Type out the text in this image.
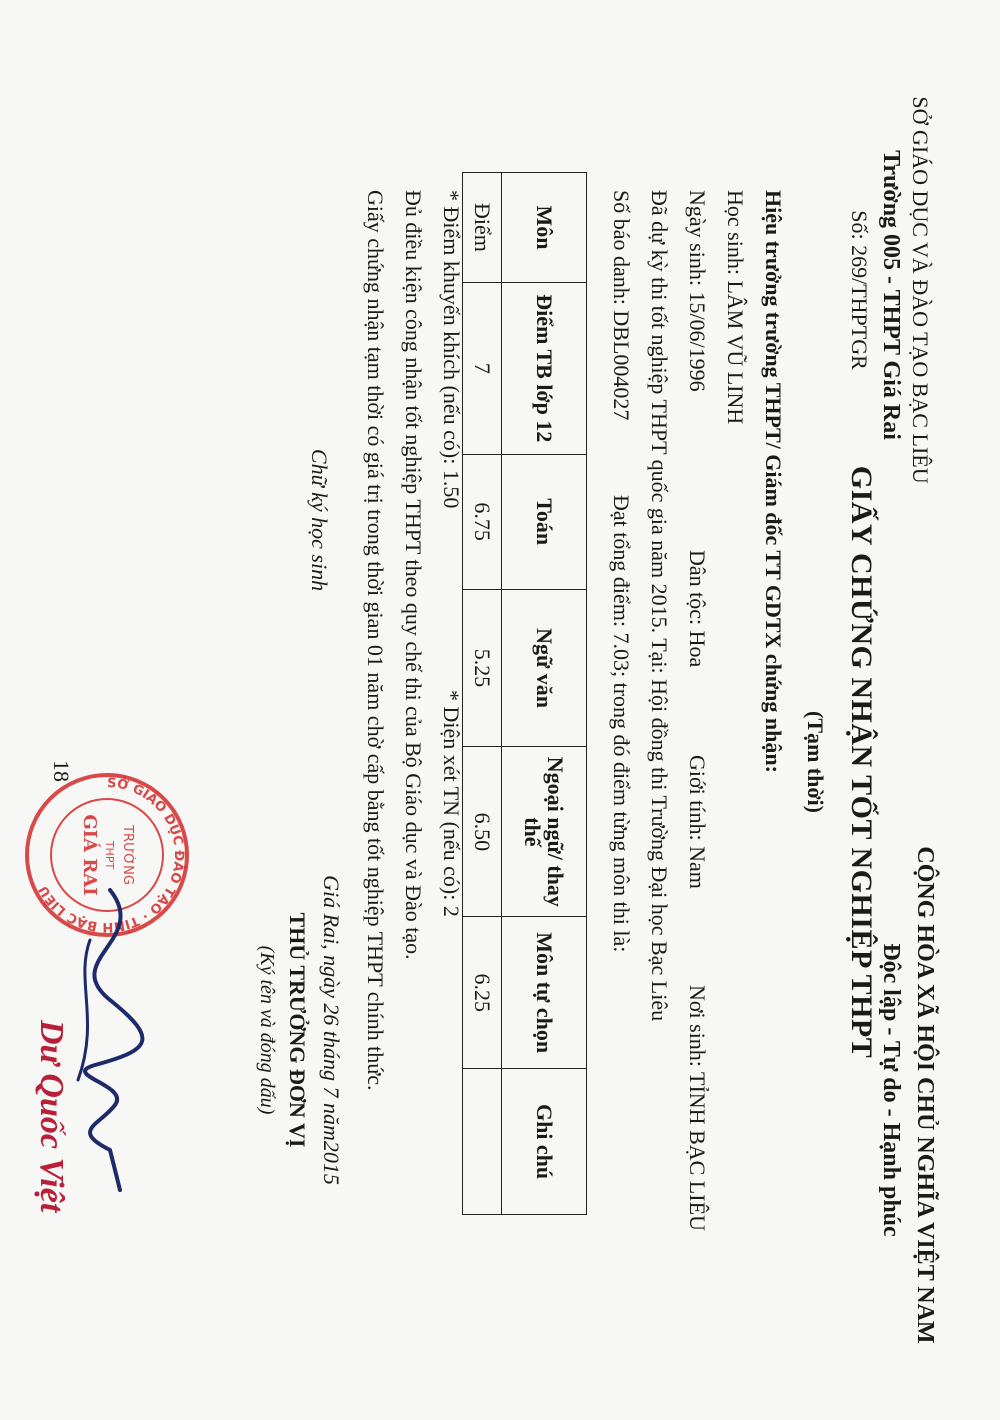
SỞ GIÁO DỤC VÀ ĐÀO TẠO BẠC LIÊU
Trường 005 - THPT Giá Rai
Số: 269/THPTGR
CỘNG HÒA XÃ HỘI CHỦ NGHĨA VIỆT NAM
Độc lập - Tự do - Hạnh phúc
GIẤY CHỨNG NHẬN TỐT NGHIỆP THPT
(Tạm thời)
Hiệu trưởng trường THPT/ Giám đốc TT GDTX chứng nhận:
Học sinh: LÂM VŨ LINH
Ngày sinh: 15/06/1996
Dân tộc: Hoa
Giới tính: Nam
Nơi sinh: TỈNH BẠC LIÊU
Đã dự kỳ thi tốt nghiệp THPT quốc gia năm 2015. Tại: Hội đồng thi Trường Đại học Bạc Liêu
Số báo danh: DBL004027
Đạt tổng điểm: 7.03; trong đó điểm từng môn thi là:
Môn	Điểm TB lớp 12	Toán	Ngữ văn	Ngoại ngữ/ thay thế	Môn tự chọn	Ghi chú
Điểm	7	6.75	5.25	6.50	6.25	
* Điểm khuyến khích (nếu có): 1.50
* Diện xét TN (nếu có): 2
Đủ điều kiện công nhận tốt nghiệp THPT theo quy chế thi của Bộ Giáo dục và Đào tạo.
Giấy chứng nhận tạm thời có giá trị trong thời gian 01 năm chờ cấp bằng tốt nghiệp THPT chính thức.
Giá Rai, ngày 26 tháng 7 năm2015
THỦ TRƯỞNG ĐƠN VỊ
(Ký tên và đóng dấu)
Chữ ký học sinh
18
SỞ GIÁO DỤC ĐÀO TẠO · TỈNH BẠC LIÊU
TRƯỜNG
THPT
GIÁ RAI
Dư Quốc Việt
